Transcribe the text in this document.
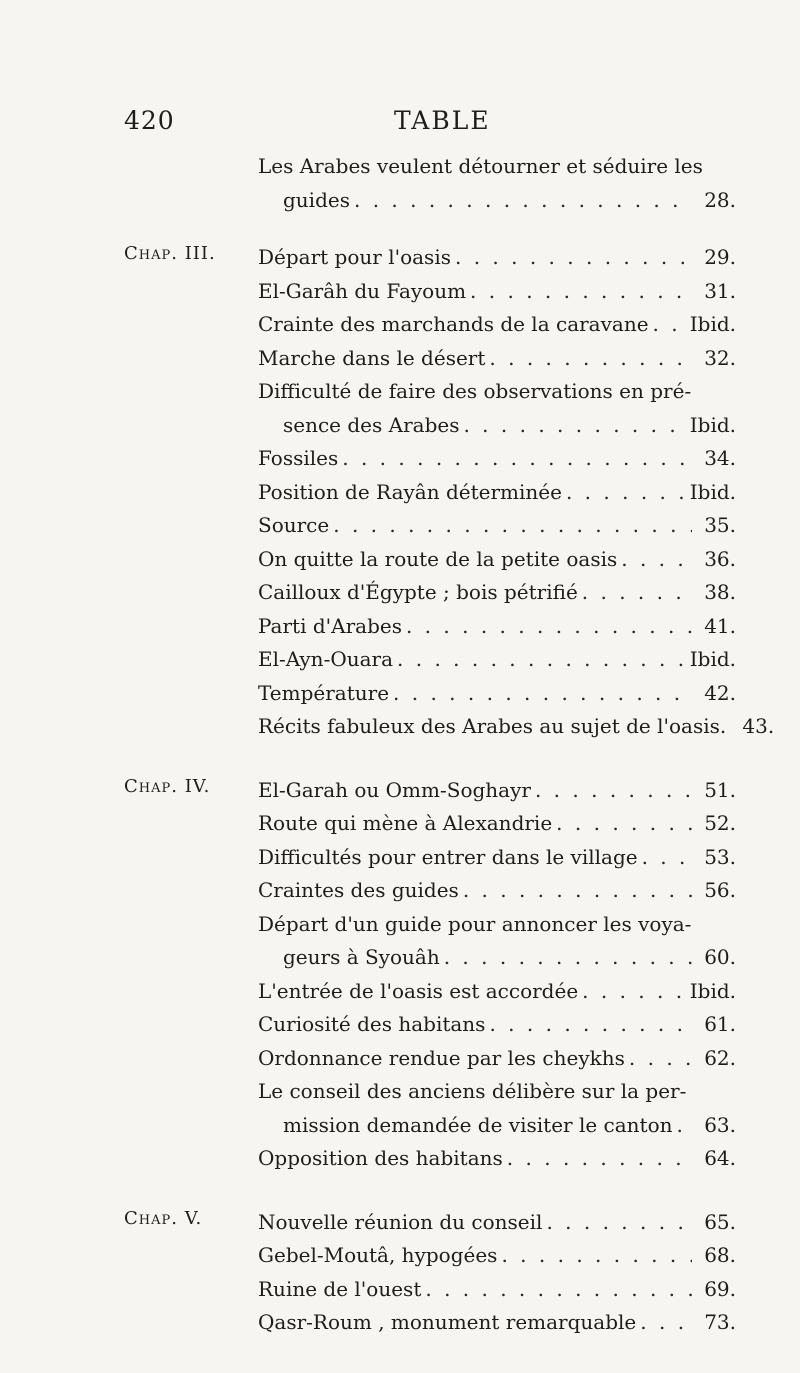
420	TABLE
Les Arabes veulent détourner et séduire les
guides . . .	28.
Chap. III. Départ pour l'oasis . . .	29.
El-Garâh du Fayoum . . .	31.
Crainte des marchands de la caravane . . . Ibid.
Marche dans le désert . . .	32.
Difficulté de faire des observations en pré-
sence des Arabes . . .	Ibid.
Fossiles . . .	34.
Position de Rayân déterminée . . .	Ibid.
Source . . .	35.
On quitte la route de la petite oasis . . .	36.
Cailloux d'Égypte ; bois pétrifié . . .	38.
Parti d'Arabes . . .	41.
El-Ayn-Ouara . . .	Ibid.
Température . . .	42.
Récits fabuleux des Arabes au sujet de l'oasis. 43.
Chap. IV. El-Garah ou Omm-Soghayr . . .	51.
Route qui mène à Alexandrie . . .	52.
Difficultés pour entrer dans le village . . .	53.
Craintes des guides . . .	56.
Départ d'un guide pour annoncer les voya-
geurs à Syouâh . . .	60.
L'entrée de l'oasis est accordée . . .	Ibid.
Curiosité des habitans . . .	61.
Ordonnance rendue par les cheykhs . . .	62.
Le conseil des anciens délibère sur la per-
mission demandée de visiter le canton . . .	63.
Opposition des habitans . . .	64.
Chap. V.	Nouvelle réunion du conseil . . .	65.
Gebel-Moutâ, hypogées . . .	68.
Ruine de l'ouest . . .	69.
Qasr-Roum , monument remarquable . . .	73.
